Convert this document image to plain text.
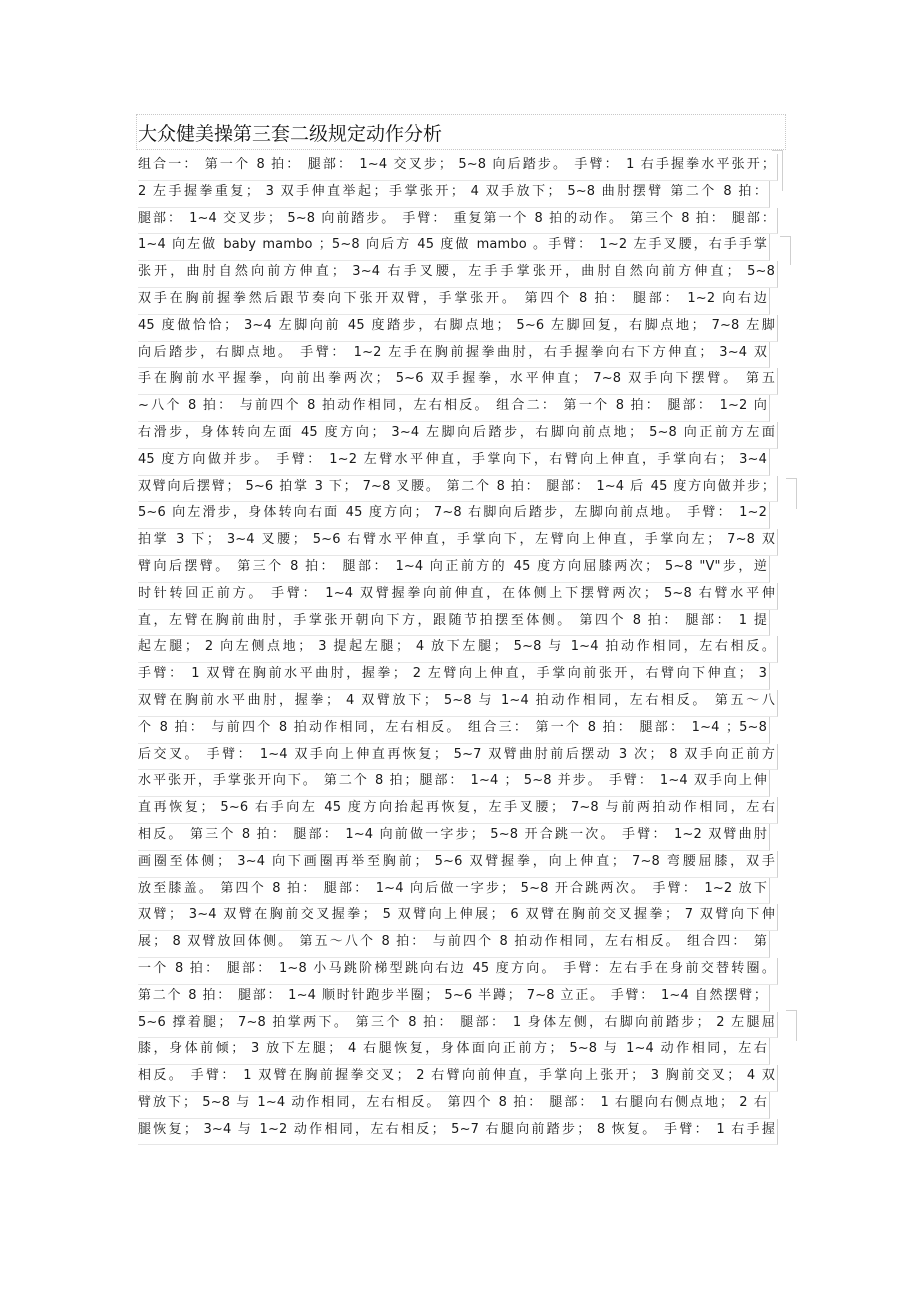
大众健美操第三套二级规定动作分析
组合一： 第一个 8 拍： 腿部： 1~4 交叉步； 5~8 向后踏步。 手臂： 1 右手握拳水平张开；
2 左手握拳重复； 3 双手伸直举起；手掌张开； 4 双手放下； 5~8 曲肘摆臂 第二个 8 拍：
腿部： 1~4 交叉步； 5~8 向前踏步。 手臂： 重复第一个 8 拍的动作。 第三个 8 拍： 腿部：
1~4 向左做 baby mambo ；5~8 向后方 45 度做 mambo 。手臂： 1~2 左手叉腰，右手手掌
张开，曲肘自然向前方伸直； 3~4 右手叉腰，左手手掌张开，曲肘自然向前方伸直； 5~8
双手在胸前握拳然后跟节奏向下张开双臂，手掌张开。 第四个 8 拍： 腿部： 1~2 向右边
45 度做恰恰； 3~4 左脚向前 45 度踏步，右脚点地； 5~6 左脚回复，右脚点地； 7~8 左脚
向后踏步，右脚点地。 手臂： 1~2 左手在胸前握拳曲肘，右手握拳向右下方伸直； 3~4 双
手在胸前水平握拳，向前出拳两次； 5~6 双手握拳，水平伸直； 7~8 双手向下摆臂。 第五
~八个 8 拍： 与前四个 8 拍动作相同，左右相反。 组合二： 第一个 8 拍： 腿部： 1~2 向
右滑步，身体转向左面 45 度方向； 3~4 左脚向后踏步，右脚向前点地； 5~8 向正前方左面
45 度方向做并步。 手臂： 1~2 左臂水平伸直，手掌向下，右臂向上伸直，手掌向右； 3~4
双臂向后摆臂； 5~6 拍掌 3 下； 7~8 叉腰。 第二个 8 拍： 腿部： 1~4 后 45 度方向做并步；
5~6 向左滑步，身体转向右面 45 度方向； 7~8 右脚向后踏步，左脚向前点地。 手臂： 1~2
拍掌 3 下； 3~4 叉腰； 5~6 右臂水平伸直，手掌向下，左臂向上伸直，手掌向左； 7~8 双
臂向后摆臂。 第三个 8 拍： 腿部： 1~4 向正前方的 45 度方向屈膝两次； 5~8 "V"步，逆
时针转回正前方。 手臂： 1~4 双臂握拳向前伸直，在体侧上下摆臂两次； 5~8 右臂水平伸
直，左臂在胸前曲肘，手掌张开朝向下方，跟随节拍摆至体侧。 第四个 8 拍： 腿部： 1 提
起左腿； 2 向左侧点地； 3 提起左腿； 4 放下左腿； 5~8 与 1~4 拍动作相同，左右相反。
手臂： 1 双臂在胸前水平曲肘，握拳； 2 左臂向上伸直，手掌向前张开，右臂向下伸直； 3
双臂在胸前水平曲肘，握拳； 4 双臂放下； 5~8 与 1~4 拍动作相同，左右相反。 第五～八
个 8 拍： 与前四个 8 拍动作相同，左右相反。 组合三： 第一个 8 拍： 腿部： 1~4 ；5~8
后交叉。 手臂： 1~4 双手向上伸直再恢复； 5~7 双臂曲肘前后摆动 3 次； 8 双手向正前方
水平张开，手掌张开向下。 第二个 8 拍；腿部： 1~4 ； 5~8 并步。 手臂： 1~4 双手向上伸
直再恢复； 5~6 右手向左 45 度方向抬起再恢复，左手叉腰； 7~8 与前两拍动作相同，左右
相反。 第三个 8 拍： 腿部： 1~4 向前做一字步； 5~8 开合跳一次。 手臂： 1~2 双臂曲肘
画圈至体侧； 3~4 向下画圈再举至胸前； 5~6 双臂握拳，向上伸直； 7~8 弯腰屈膝，双手
放至膝盖。 第四个 8 拍： 腿部： 1~4 向后做一字步； 5~8 开合跳两次。 手臂： 1~2 放下
双臂； 3~4 双臂在胸前交叉握拳； 5 双臂向上伸展； 6 双臂在胸前交叉握拳； 7 双臂向下伸
展； 8 双臂放回体侧。 第五～八个 8 拍： 与前四个 8 拍动作相同，左右相反。 组合四： 第
一个 8 拍： 腿部： 1~8 小马跳阶梯型跳向右边 45 度方向。 手臂：左右手在身前交替转圈。
第二个 8 拍： 腿部： 1~4 顺时针跑步半圈； 5~6 半蹲； 7~8 立正。 手臂： 1~4 自然摆臂；
5~6 撑着腿； 7~8 拍掌两下。 第三个 8 拍： 腿部： 1 身体左侧，右脚向前踏步； 2 左腿屈
膝，身体前倾； 3 放下左腿； 4 右腿恢复，身体面向正前方； 5~8 与 1~4 动作相同，左右
相反。 手臂： 1 双臂在胸前握拳交叉； 2 右臂向前伸直，手掌向上张开； 3 胸前交叉； 4 双
臂放下； 5~8 与 1~4 动作相同，左右相反。 第四个 8 拍： 腿部： 1 右腿向右侧点地； 2 右
腿恢复； 3~4 与 1~2 动作相同，左右相反； 5~7 右腿向前踏步； 8 恢复。 手臂： 1 右手握
